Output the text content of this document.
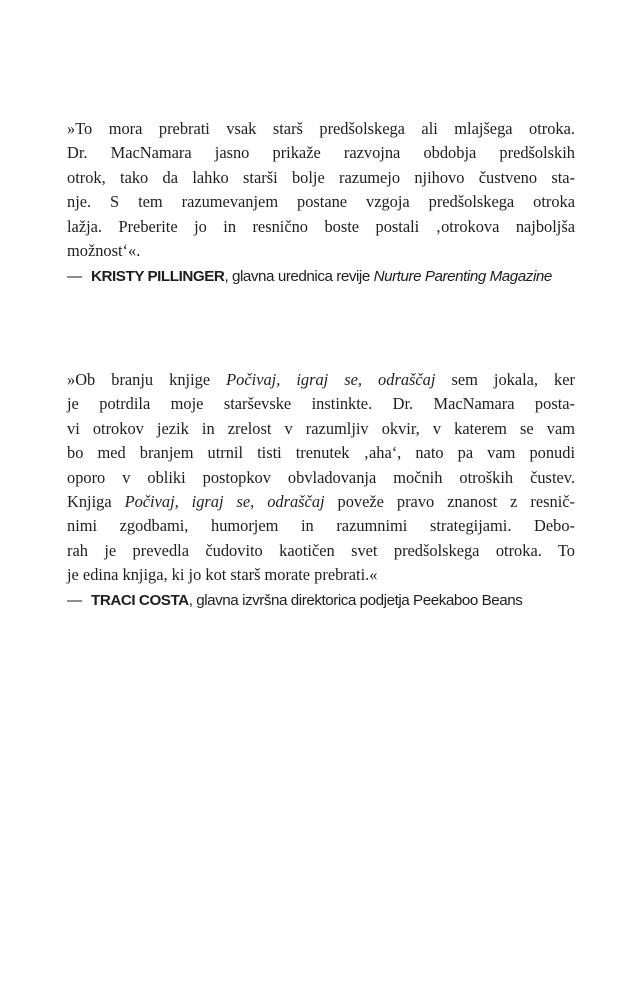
»To mora prebrati vsak starš predšolskega ali mlajšega otroka.
Dr. MacNamara jasno prikaže razvojna obdobja predšolskih
otrok, tako da lahko starši bolje razumejo njihovo čustveno sta-
nje. S tem razumevanjem postane vzgoja predšolskega otroka
lažja. Preberite jo in resnično boste postali ‚otrokova najboljša
možnost‘«.
— KRISTY PILLINGER, glavna urednica revije Nurture Parenting Magazine
»Ob branju knjige Počivaj, igraj se, odraščaj sem jokala, ker
je potrdila moje starševske instinkte. Dr. MacNamara posta-
vi otrokov jezik in zrelost v razumljiv okvir, v katerem se vam
bo med branjem utrnil tisti trenutek ‚aha‘, nato pa vam ponudi
oporo v obliki postopkov obvladovanja močnih otroških čustev.
Knjiga Počivaj, igraj se, odraščaj poveže pravo znanost z resnič-
nimi zgodbami, humorjem in razumnimi strategijami. Debo-
rah je prevedla čudovito kaotičen svet predšolskega otroka. To
je edina knjiga, ki jo kot starš morate prebrati.«
— TRACI COSTA, glavna izvršna direktorica podjetja Peekaboo Beans
